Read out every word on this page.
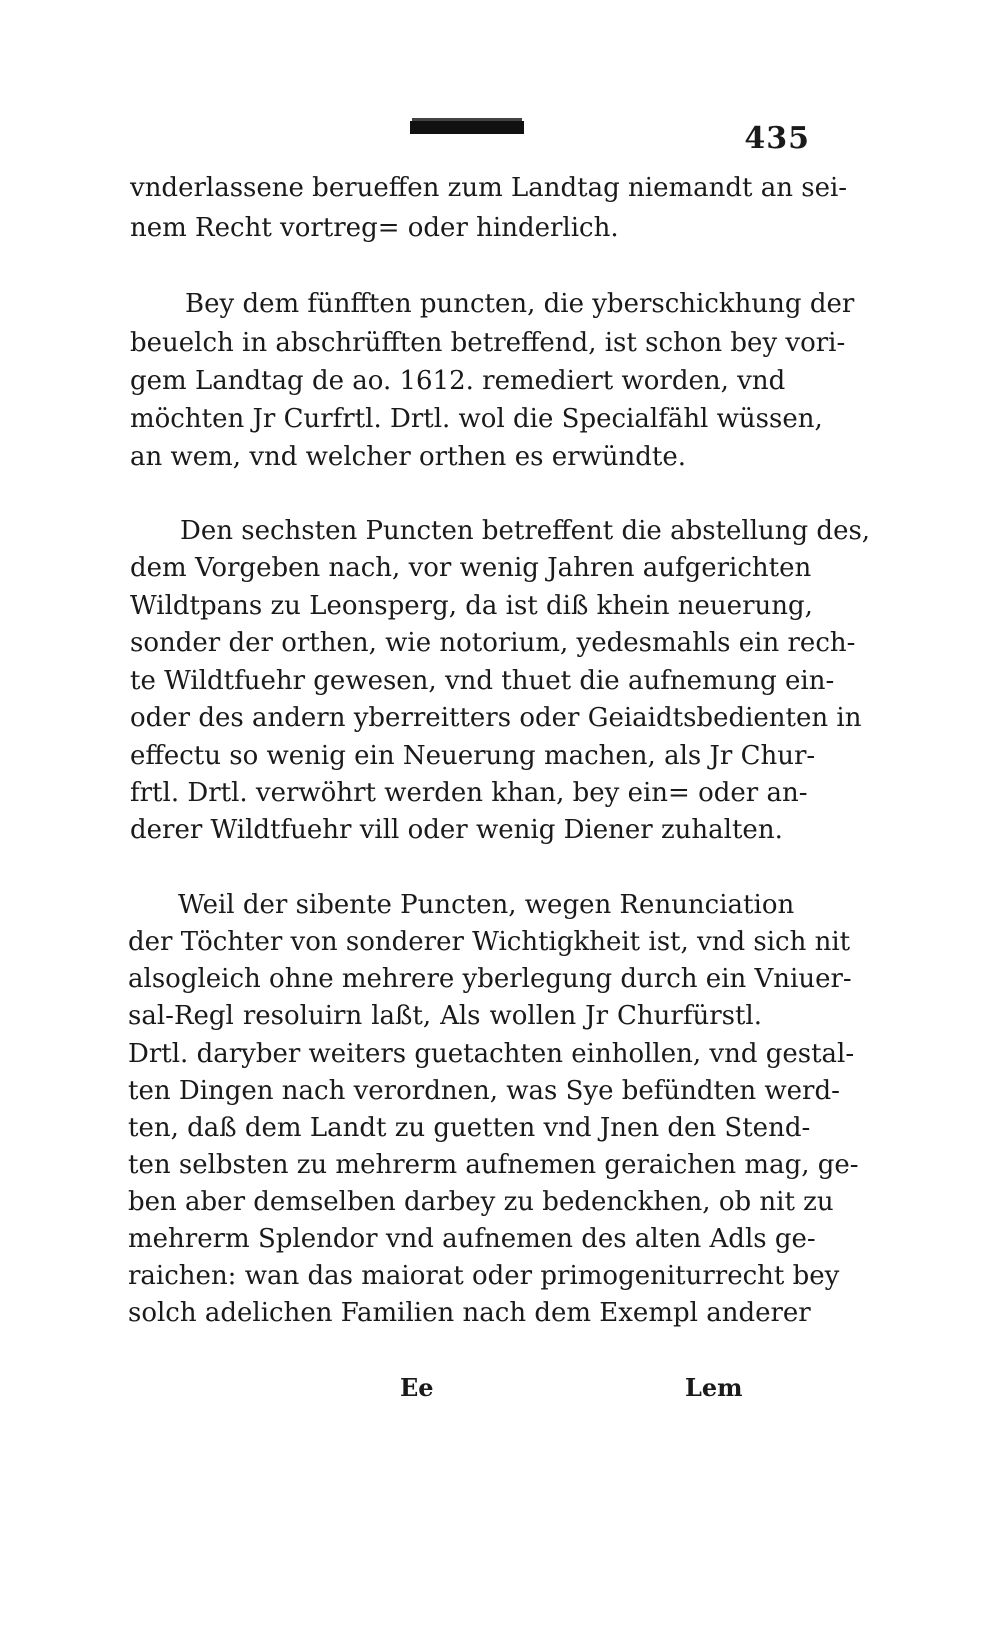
435
vnderlassene berueffen zum Landtag niemandt an sei-
nem Recht vortreg= oder hinderlich.
Bey dem fünfften puncten, die yberschickhung der
beuelch in abschrüfften betreffend, ist schon bey vori-
gem Landtag de ao. 1612. remediert worden, vnd
möchten Jr Curfrtl. Drtl. wol die Specialfähl wüssen,
an wem, vnd welcher orthen es erwündte.
Den sechsten Puncten betreffent die abstellung des,
dem Vorgeben nach, vor wenig Jahren aufgerichten
Wildtpans zu Leonsperg, da ist diß khein neuerung,
sonder der orthen, wie notorium, yedesmahls ein rech-
te Wildtfuehr gewesen, vnd thuet die aufnemung ein-
oder des andern yberreitters oder Geiaidtsbedienten in
effectu so wenig ein Neuerung machen, als Jr Chur-
frtl. Drtl. verwöhrt werden khan, bey ein= oder an-
derer Wildtfuehr vill oder wenig Diener zuhalten.
Weil der sibente Puncten, wegen Renunciation
der Töchter von sonderer Wichtigkheit ist, vnd sich nit
alsogleich ohne mehrere yberlegung durch ein Vniuer-
sal-Regl resoluirn laßt, Als wollen Jr Churfürstl.
Drtl. daryber weiters guetachten einhollen, vnd gestal-
ten Dingen nach verordnen, was Sye befündten werd-
ten, daß dem Landt zu guetten vnd Jnen den Stend-
ten selbsten zu mehrerm aufnemen geraichen mag, ge-
ben aber demselben darbey zu bedenckhen, ob nit zu
mehrerm Splendor vnd aufnemen des alten Adls ge-
raichen: wan das maiorat oder primogeniturrecht bey
solch adelichen Familien nach dem Exempl anderer
Ee	Lem
